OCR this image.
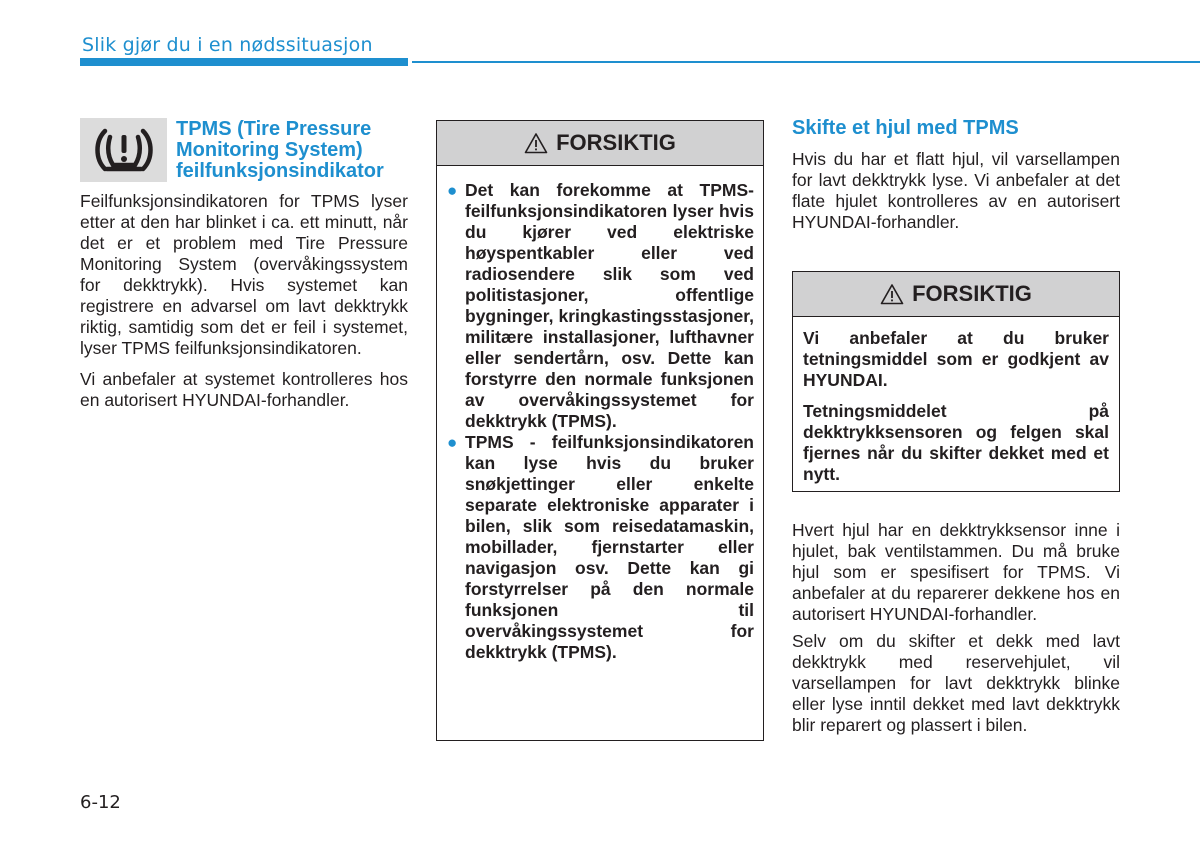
Slik gjør du i en nødssituasjon
TPMS (Tire Pressure Monitoring System) feilfunksjonsindikator

Feilfunksjonsindikatoren for TPMS lyser etter at den har blinket i ca. ett minutt, når det er et problem med Tire Pressure Monitoring System (overvåkingssystem for dekktrykk). Hvis systemet kan registrere en advarsel om lavt dekktrykk riktig, samtidig som det er feil i systemet, lyser TPMS feilfunksjonsindikatoren.

Vi anbefaler at systemet kontrolleres hos en autorisert HYUNDAI-forhandler.

FORSIKTIG
● Det kan forekomme at TPMS-feilfunksjonsindikatoren lyser hvis du kjører ved elektriske høyspentkabler eller ved radiosendere slik som ved politistasjoner, offentlige bygninger, kringkastingsstasjoner, militære installasjoner, lufthavner eller sendertårn, osv. Dette kan forstyrre den normale funksjonen av overvåkingssystemet for dekktrykk (TPMS).
● TPMS - feilfunksjonsindikatoren kan lyse hvis du bruker snøkjettinger eller enkelte separate elektroniske apparater i bilen, slik som reisedatamaskin, mobillader, fjernstarter eller navigasjon osv. Dette kan gi forstyrrelser på den normale funksjonen til overvåkingssystemet for dekktrykk (TPMS).
Skifte et hjul med TPMS

Hvis du har et flatt hjul, vil varsellampen for lavt dekktrykk lyse. Vi anbefaler at det flate hjulet kontrolleres av en autorisert HYUNDAI-forhandler.

FORSIKTIG

Vi anbefaler at du bruker tetningsmiddel som er godkjent av HYUNDAI.

Tetningsmiddelet på dekktrykksensoren og felgen skal fjernes når du skifter dekket med et nytt.

Hvert hjul har en dekktrykksensor inne i hjulet, bak ventilstammen. Du må bruke hjul som er spesifisert for TPMS. Vi anbefaler at du reparerer dekkene hos en autorisert HYUNDAI-forhandler.

Selv om du skifter et dekk med lavt dekktrykk med reservehjulet, vil varsellampen for lavt dekktrykk blinke eller lyse inntil dekket med lavt dekktrykk blir reparert og plassert i bilen.

6-12
